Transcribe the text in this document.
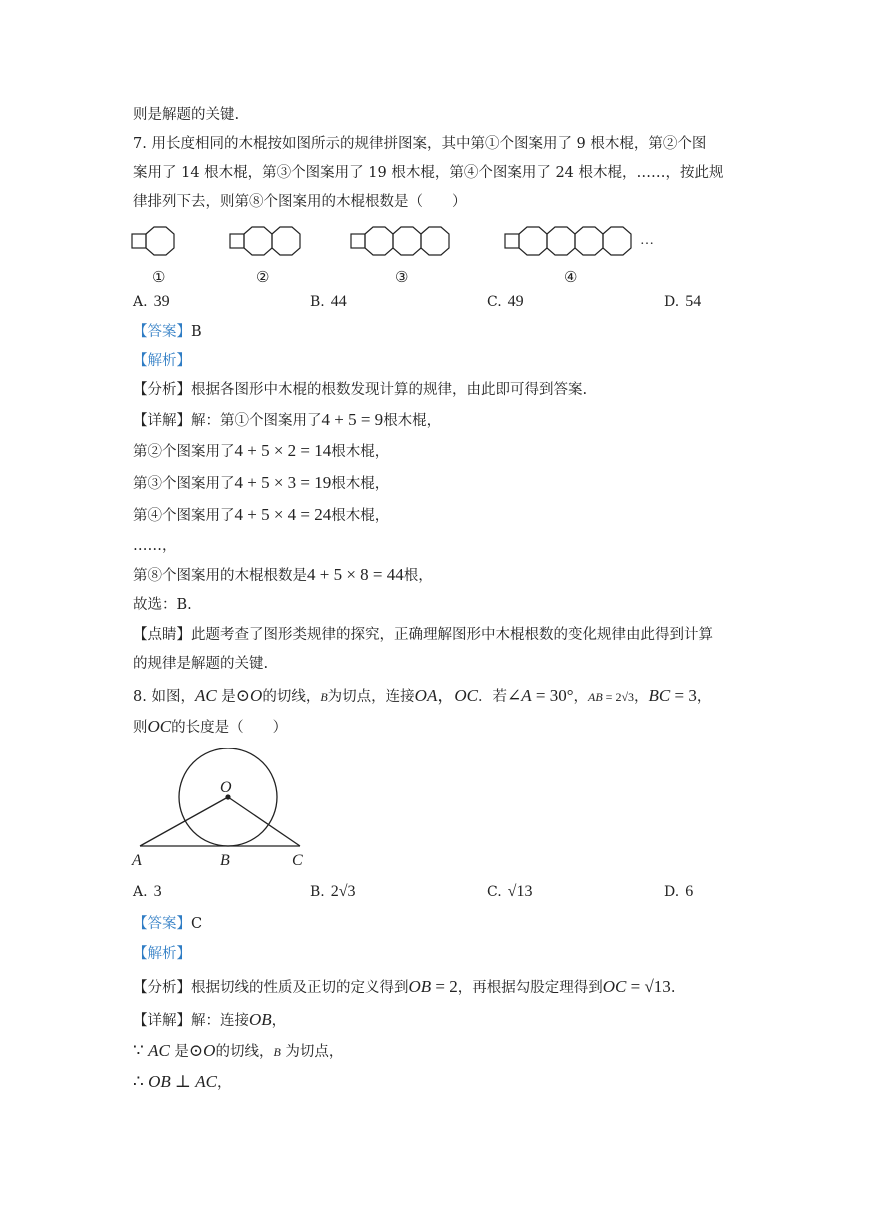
则是解题的关键.
7. 用长度相同的木棍按如图所示的规律拼图案，其中第①个图案用了 9 根木棍，第②个图
案用了 14 根木棍，第③个图案用了 19 根木棍，第④个图案用了 24 根木棍，……，按此规
律排列下去，则第⑧个图案用的木棍根数是（　　）
…
①	②	③	④
A. 39	B. 44	C. 49	D. 54
【答案】B
【解析】
【分析】根据各图形中木棍的根数发现计算的规律，由此即可得到答案.
【详解】解：第①个图案用了4 + 5 = 9根木棍，
第②个图案用了4 + 5 × 2 = 14根木棍，
第③个图案用了4 + 5 × 3 = 19根木棍，
第④个图案用了4 + 5 × 4 = 24根木棍，
……，
第⑧个图案用的木棍根数是4 + 5 × 8 = 44根，
故选：B.
【点睛】此题考查了图形类规律的探究，正确理解图形中木棍根数的变化规律由此得到计算
的规律是解题的关键.
8. 如图，AC 是⊙O的切线，B为切点，连接OA，OC．若∠A = 30°，AB = 2√3，BC = 3，
则OC的长度是（　　）
O
A	B	C
A. 3	B. 2√3	C. √13	D. 6
【答案】C
【解析】
【分析】根据切线的性质及正切的定义得到OB = 2，再根据勾股定理得到OC = √13.
【详解】解：连接OB，
∵ AC 是⊙O的切线，B 为切点，
∴ OB ⊥ AC，
